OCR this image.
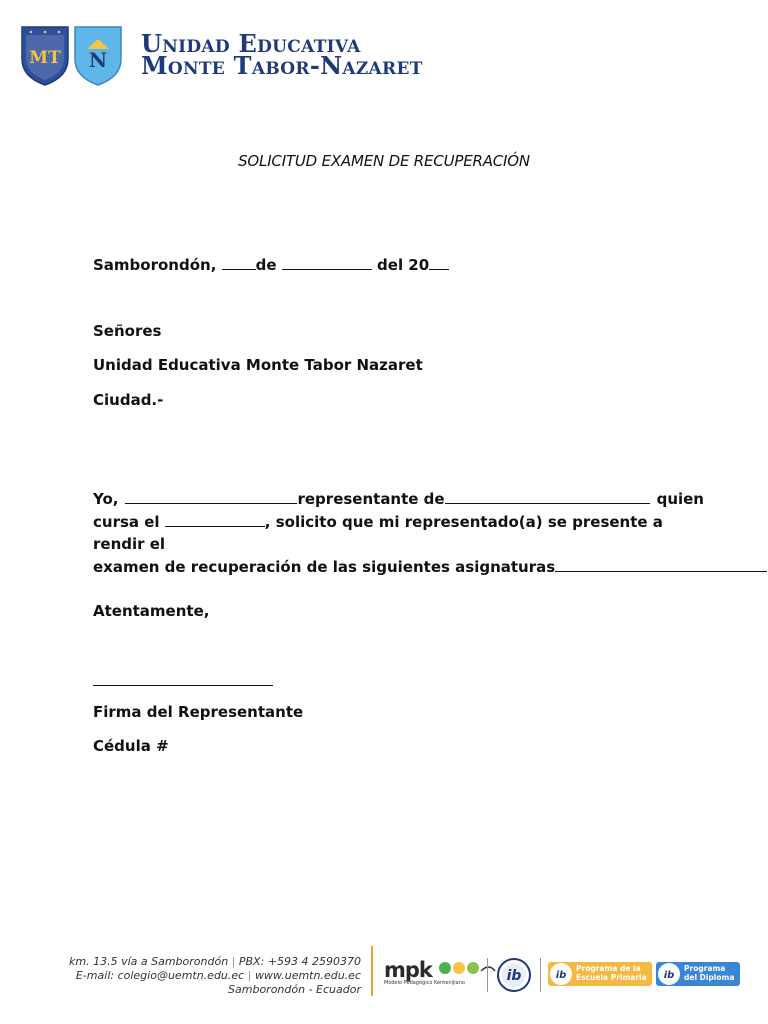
MT N
Unidad Educativa
Monte Tabor-Nazaret
SOLICITUD EXAMEN DE RECUPERACIÓN
Samborondón,	de	del 20
Señores
Unidad Educativa Monte Tabor Nazaret
Ciudad.-
Yo,	representante de	quien
cursa el	, solicito que mi representado(a) se presente a rendir el
examen de recuperación de las siguientes asignaturas
Atentamente,
Firma del Representante
Cédula #
km. 13.5 vía a Samborondón | PBX: +593 4 2590370
E-mail: colegio@uemtn.edu.ec | www.uemtn.edu.ec
Samborondón - Ecuador
mpk
Modelo Pedagógico Kentenijiano	ib	ib
Programa de la
Escuela Primaria ib
Programa
del Diploma
